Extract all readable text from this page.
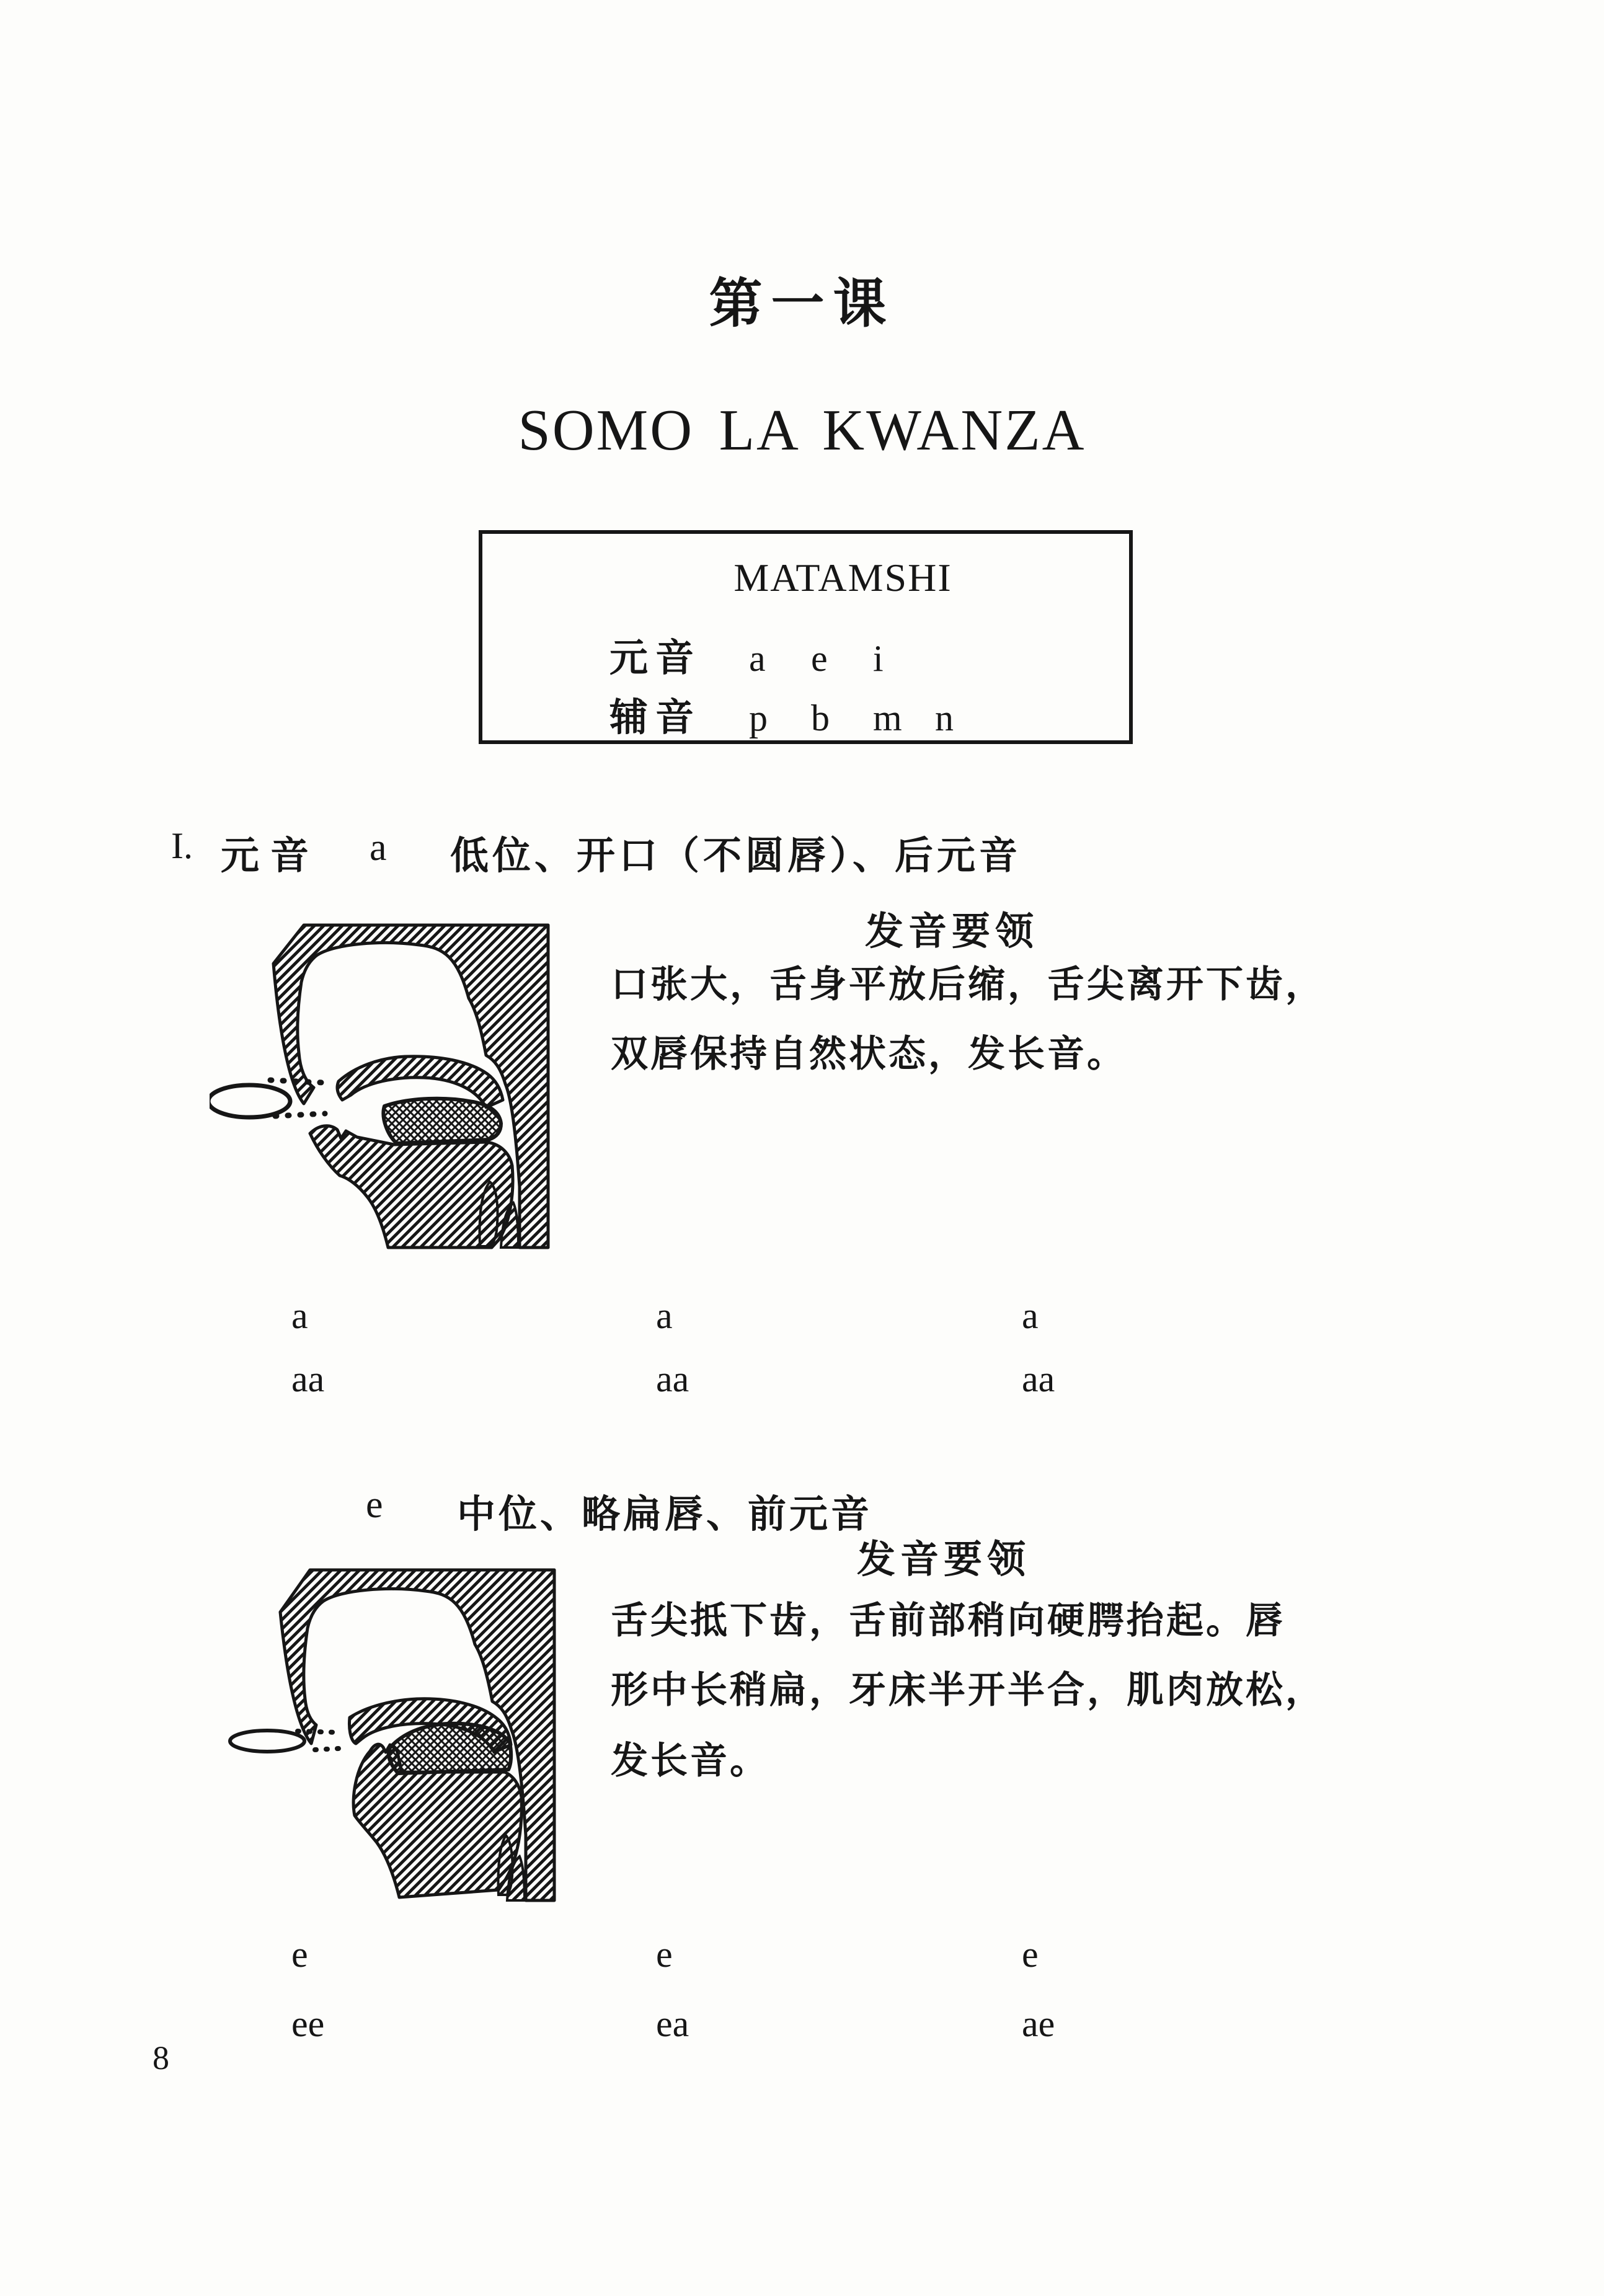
第一课
SOMO LA KWANZA
MATAMSHI
元音 a e i
辅音 p b m n
I. 元音 a 低位、开口（不圆唇）、后元音
发音要领
口张大，舌身平放后缩，舌尖离开下齿，
双唇保持自然状态，发长音。
a	a	a
aa	aa	aa
e 中位、略扁唇、前元音
发音要领
舌尖抵下齿，舌前部稍向硬腭抬起。唇
形中长稍扁，牙床半开半合，肌肉放松，
发长音。
e	e	e
ee	ea	ae
8
